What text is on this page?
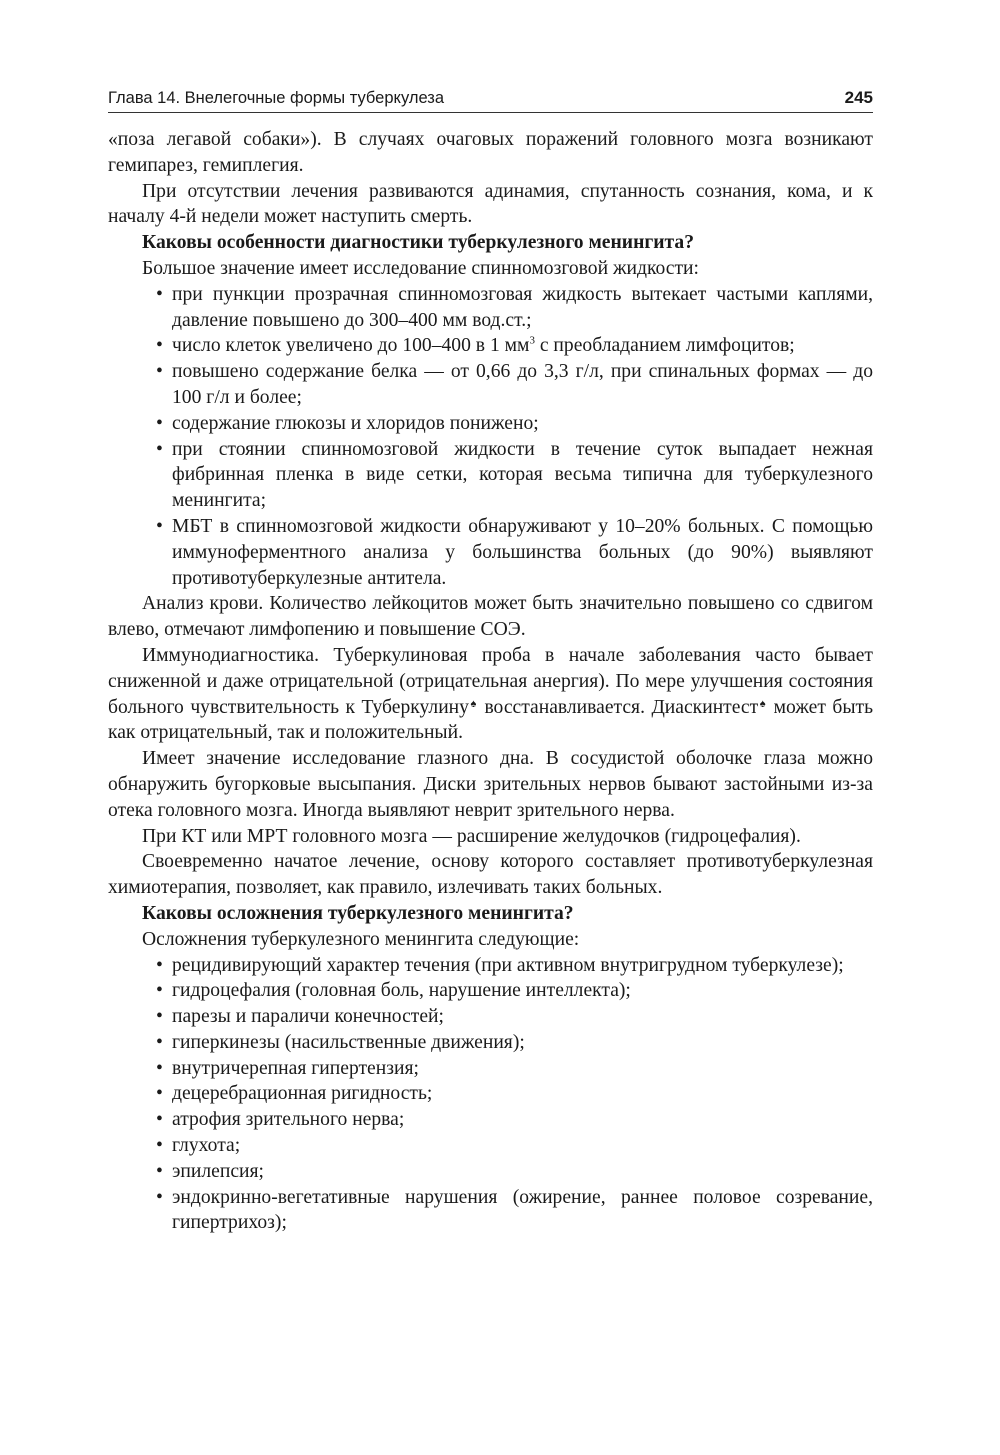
Глава 14. Внелегочные формы туберкулеза	245

«поза легавой собаки»). В случаях очаговых поражений головного мозга возникают гемипарез, гемиплегия.

При отсутствии лечения развиваются адинамия, спутанность сознания, кома, и к началу 4-й недели может наступить смерть.

Каковы особенности диагностики туберкулезного менингита?

Большое значение имеет исследование спинномозговой жидкости:

• при пункции прозрачная спинномозговая жидкость вытекает частыми каплями, давление повышено до 300–400 мм вод.ст.;
• число клеток увеличено до 100–400 в 1 $мм^3$ с преобладанием лимфоцитов;
• повышено содержание белка — от 0,66 до 3,3 г/л, при спинальных формах — до 100 г/л и более;
• содержание глюкозы и хлоридов понижено;
• при стоянии спинномозговой жидкости в течение суток выпадает нежная фибринная пленка в виде сетки, которая весьма типична для туберкулезного менингита;
• МБТ в спинномозговой жидкости обнаруживают у 10–20% больных. С помощью иммуноферментного анализа у большинства больных (до 90%) выявляют противотуберкулезные антитела.

Анализ крови. Количество лейкоцитов может быть значительно повышено со сдвигом влево, отмечают лимфопению и повышение СОЭ.

Иммунодиагностика. Туберкулиновая проба в начале заболевания часто бывает сниженной и даже отрицательной (отрицательная анергия). По мере улучшения состояния больного чувствительность к Туберкулину♠ восстанавливается. Диаскинтест♠ может быть как отрицательный, так и положительный.

Имеет значение исследование глазного дна. В сосудистой оболочке глаза можно обнаружить бугорковые высыпания. Диски зрительных нервов бывают застойными из-за отека головного мозга. Иногда выявляют неврит зрительного нерва.

При КТ или МРТ головного мозга — расширение желудочков (гидроцефалия).

Своевременно начатое лечение, основу которого составляет противотуберкулезная химиотерапия, позволяет, как правило, излечивать таких больных.

Каковы осложнения туберкулезного менингита?

Осложнения туберкулезного менингита следующие:

• рецидивирующий характер течения (при активном внутригрудном туберкулезе);
• гидроцефалия (головная боль, нарушение интеллекта);
• парезы и параличи конечностей;
• гиперкинезы (насильственные движения);
• внутричерепная гипертензия;
• децеребрационная ригидность;
• атрофия зрительного нерва;
• глухота;
• эпилепсия;
• эндокринно-вегетативные нарушения (ожирение, раннее половое созревание, гипертрихоз);
